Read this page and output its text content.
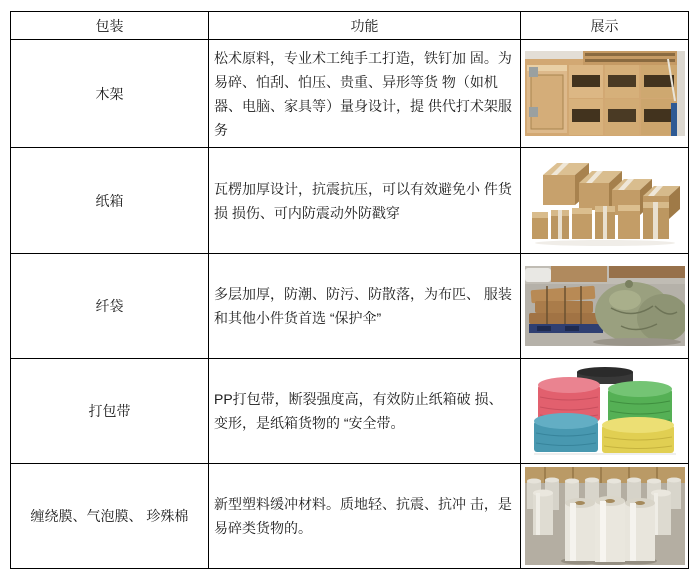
包装	功能	展示
木架	松术原料，专业术工纯手工打造，铁钉加 固。为易碎、怕刮、怕压、贵重、异形等货 物（如机器、电脑、家具等）量身设计，提 供代打术架服务	

纸箱	瓦楞加厚设计，抗震抗压，可以有效避免小 件货损 损伤、可内防震动外防戳穿	

纤袋	多层加厚，防潮、防污、防散落，为布匹、 服装和其他小件货首选 “保护伞”	

打包带	PP打包带，断裂强度高，有效防止纸箱破 损、变形，是纸箱货物的 “安全带。	

缠绕膜、气泡膜、 珍殊棉	新型塑料缓冲材料。质地轻、抗震、抗冲 击，是易碎类货物的。	
